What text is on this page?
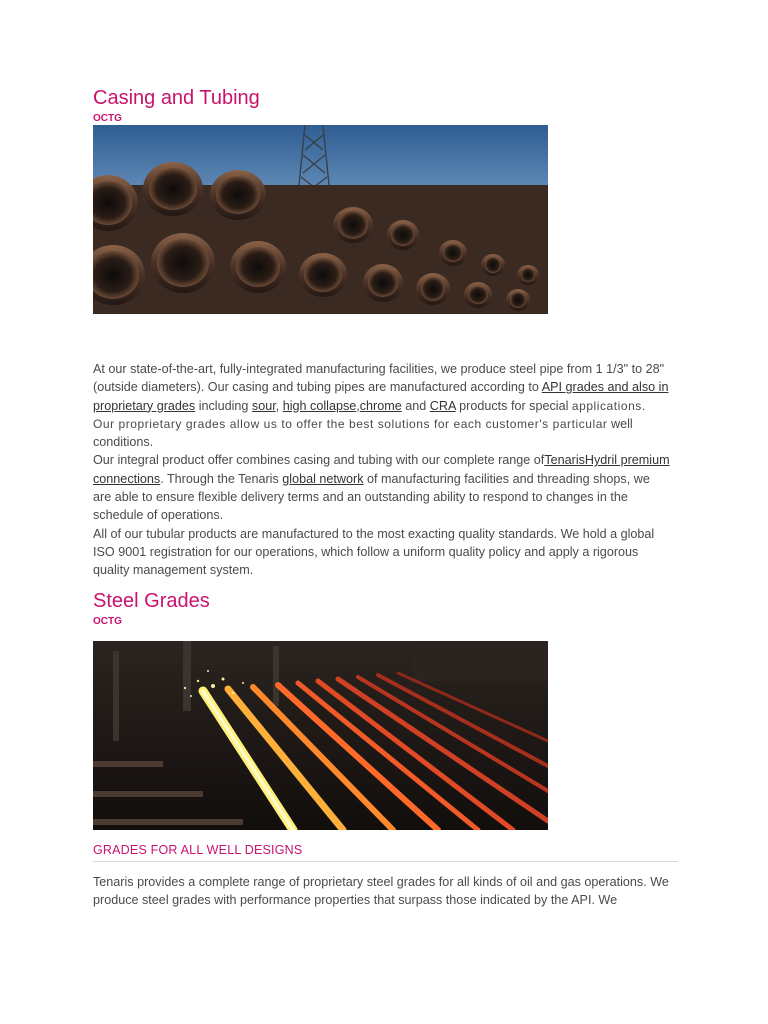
Casing and Tubing
OCTG

At our state-of-the-art, fully-integrated manufacturing facilities, we produce steel pipe from 1 1/3" to 28" (outside diameters). Our casing and tubing pipes are manufactured according to API grades and also in proprietary grades including sour, high collapse,chrome and CRA products for special applications. Our proprietary grades allow us to offer the best solutions for each customer's particular well conditions.

Our integral product offer combines casing and tubing with our complete range ofTenarisHydril premium connections. Through the Tenaris global network of manufacturing facilities and threading shops, we are able to ensure flexible delivery terms and an outstanding ability to respond to changes in the schedule of operations.

All of our tubular products are manufactured to the most exacting quality standards. We hold a global ISO 9001 registration for our operations, which follow a uniform quality policy and apply a rigorous quality management system.

Steel Grades
OCTG
GRADES FOR ALL WELL DESIGNS

Tenaris provides a complete range of proprietary steel grades for all kinds of oil and gas operations. We produce steel grades with performance properties that surpass those indicated by the API. We
